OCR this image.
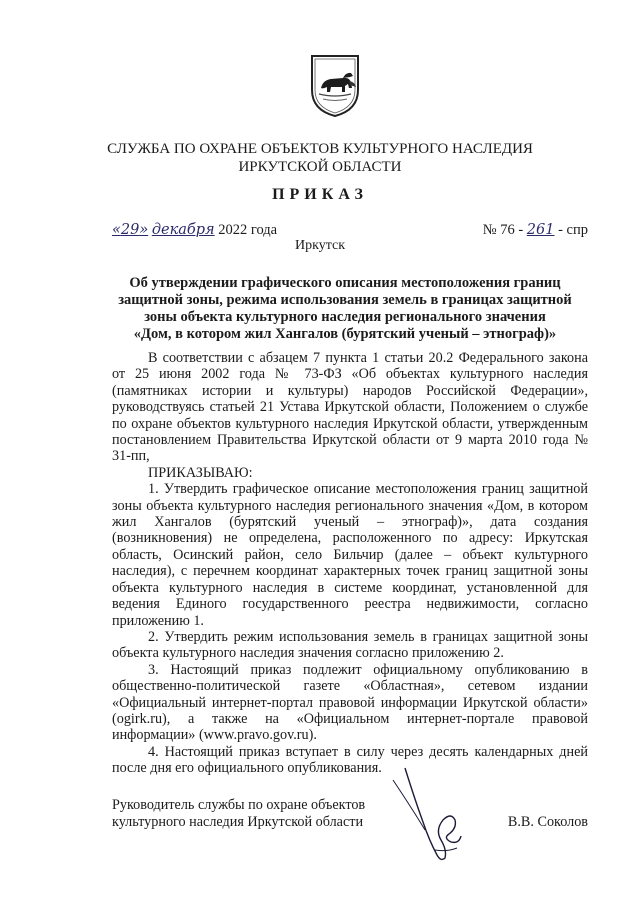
СЛУЖБА ПО ОХРАНЕ ОБЪЕКТОВ КУЛЬТУРНОГО НАСЛЕДИЯ
ИРКУТСКОЙ ОБЛАСТИ
ПРИКАЗ
«29» декабря 2022 года	№ 76 - 261 - спр
Иркутск
Об утверждении графического описания местоположения границ
защитной зоны, режима использования земель в границах защитной
зоны объекта культурного наследия регионального значения
«Дом, в котором жил Хангалов (бурятский ученый – этнограф)»

В соответствии с абзацем 7 пункта 1 статьи 20.2 Федерального закона от 25 июня 2002 года № 73-ФЗ «Об объектах культурного наследия (памятниках истории и культуры) народов Российской Федерации», руководствуясь статьей 21 Устава Иркутской области, Положением о службе по охране объектов культурного наследия Иркутской области, утвержденным постановлением Правительства Иркутской области от 9 марта 2010 года № 31-пп,

ПРИКАЗЫВАЮ:

1. Утвердить графическое описание местоположения границ защитной зоны объекта культурного наследия регионального значения «Дом, в котором жил Хангалов (бурятский ученый – этнограф)», дата создания (возникновения) не определена, расположенного по адресу: Иркутская область, Осинский район, село Бильчир (далее – объект культурного наследия), с перечнем координат характерных точек границ защитной зоны объекта культурного наследия в системе координат, установленной для ведения Единого государственного реестра недвижимости, согласно приложению 1.

2. Утвердить режим использования земель в границах защитной зоны объекта культурного наследия значения согласно приложению 2.

3. Настоящий приказ подлежит официальному опубликованию в общественно-политической газете «Областная», сетевом издании «Официальный интернет-портал правовой информации Иркутской области» (ogirk.ru), а также на «Официальном интернет-портале правовой информации» (www.pravo.gov.ru).

4. Настоящий приказ вступает в силу через десять календарных дней после дня его официального опубликования.

Руководитель службы по охране объектов
культурного наследия Иркутской области	В.В. Соколов
